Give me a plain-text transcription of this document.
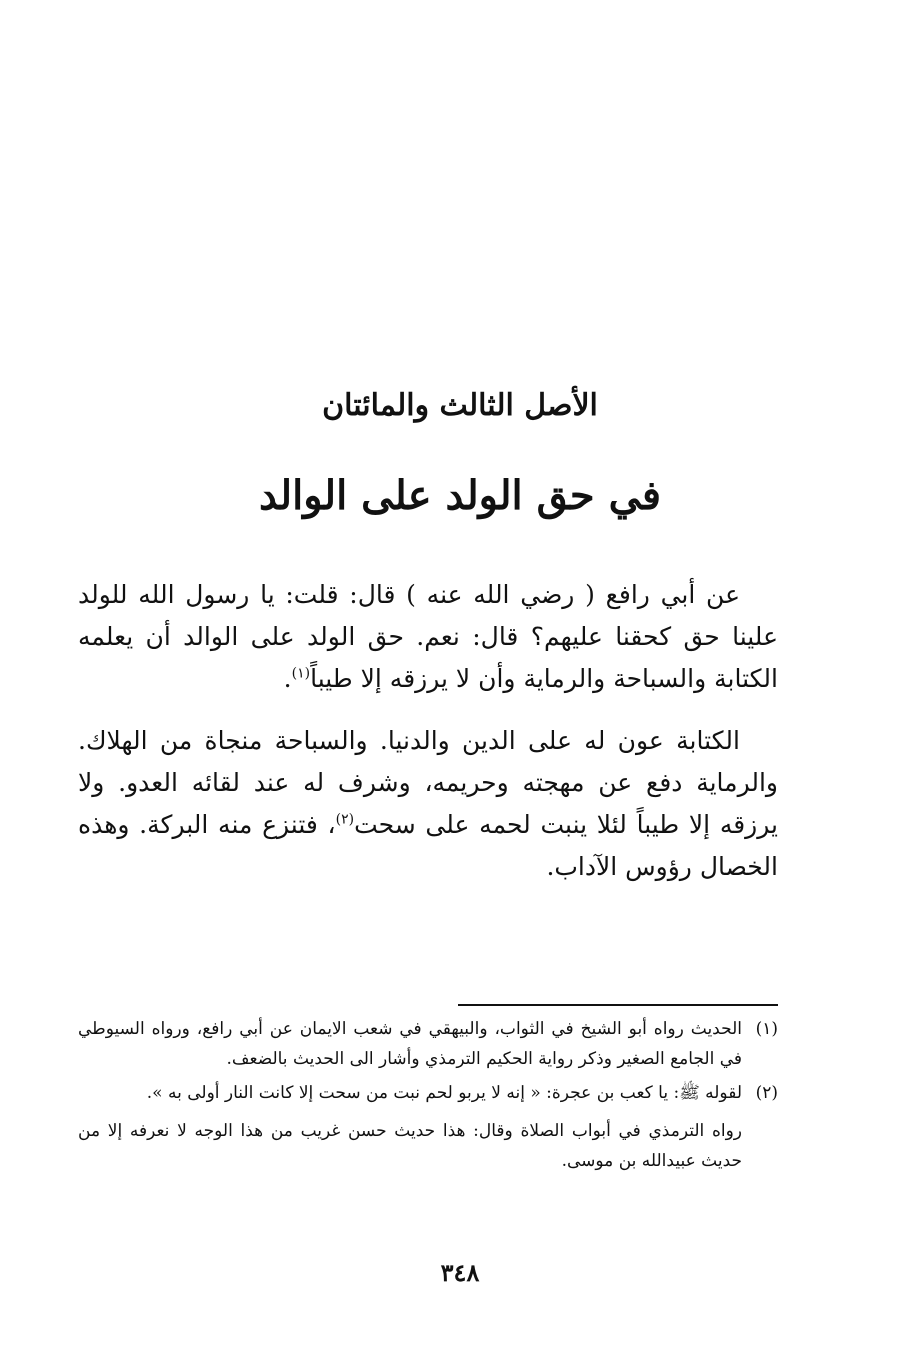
الأصل الثالث والمائتان
في حق الولد على الوالد

عن أبي رافع ( رضي الله عنه ) قال: قلت: يا رسول الله للولد علينا حق كحقنا عليهم؟ قال: نعم. حق الولد على الوالد أن يعلمه الكتابة والسباحة والرماية وأن لا يرزقه إلا طيباً$^{(١)}$.

الكتابة عون له على الدين والدنيا. والسباحة منجاة من الهلاك. والرماية دفع عن مهجته وحريمه، وشرف له عند لقائه العدو. ولا يرزقه إلا طيباً لئلا ينبت لحمه على سحت$^{(٢)}$، فتنزع منه البركة. وهذه الخصال رؤوس الآداب.

(١)
الحديث رواه أبو الشيخ في الثواب، والبيهقي في شعب الايمان عن أبي رافع، ورواه السيوطي في الجامع الصغير وذكر رواية الحكيم الترمذي وأشار الى الحديث بالضعف.
(٢)
لقوله ﷺ: يا كعب بن عجرة: « إنه لا يربو لحم نبت من سحت إلا كانت النار أولى به ».

رواه الترمذي في أبواب الصلاة وقال: هذا حديث حسن غريب من هذا الوجه لا نعرفه إلا من حديث عبيدالله بن موسى.

٣٤٨
